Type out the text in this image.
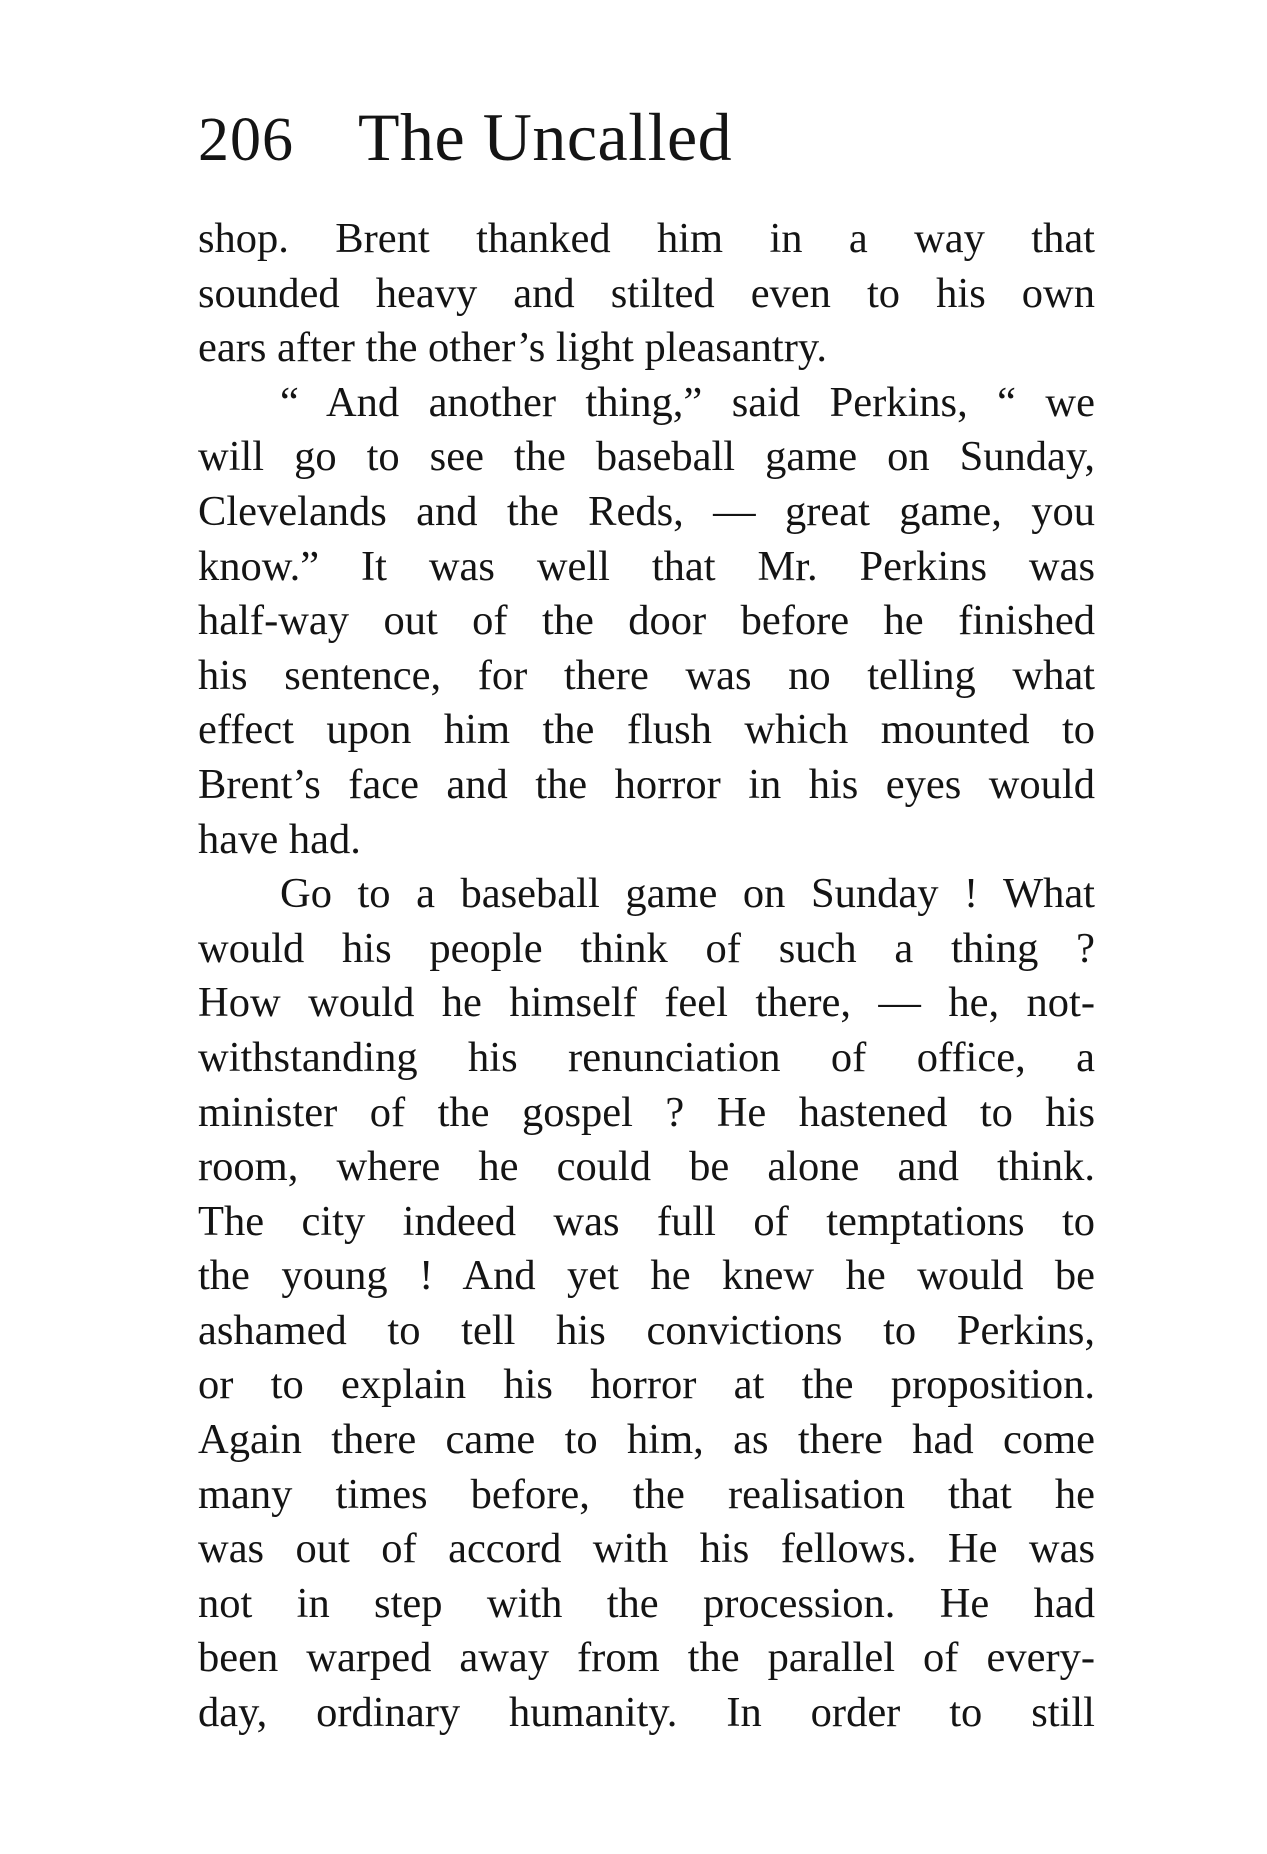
206 The Uncalled
shop. Brent thanked him in a way that
sounded heavy and stilted even to his own
ears after the other’s light pleasantry.
“ And another thing,” said Perkins, “ we
will go to see the baseball game on Sunday,
Clevelands and the Reds, — great game, you
know.” It was well that Mr. Perkins was
half-way out of the door before he finished
his sentence, for there was no telling what
effect upon him the flush which mounted to
Brent’s face and the horror in his eyes would
have had.
Go to a baseball game on Sunday ! What
would his people think of such a thing ?
How would he himself feel there, — he, not-
withstanding his renunciation of office, a
minister of the gospel ? He hastened to his
room, where he could be alone and think.
The city indeed was full of temptations to
the young ! And yet he knew he would be
ashamed to tell his convictions to Perkins,
or to explain his horror at the proposition.
Again there came to him, as there had come
many times before, the realisation that he
was out of accord with his fellows. He was
not in step with the procession. He had
been warped away from the parallel of every-
day, ordinary humanity. In order to still
